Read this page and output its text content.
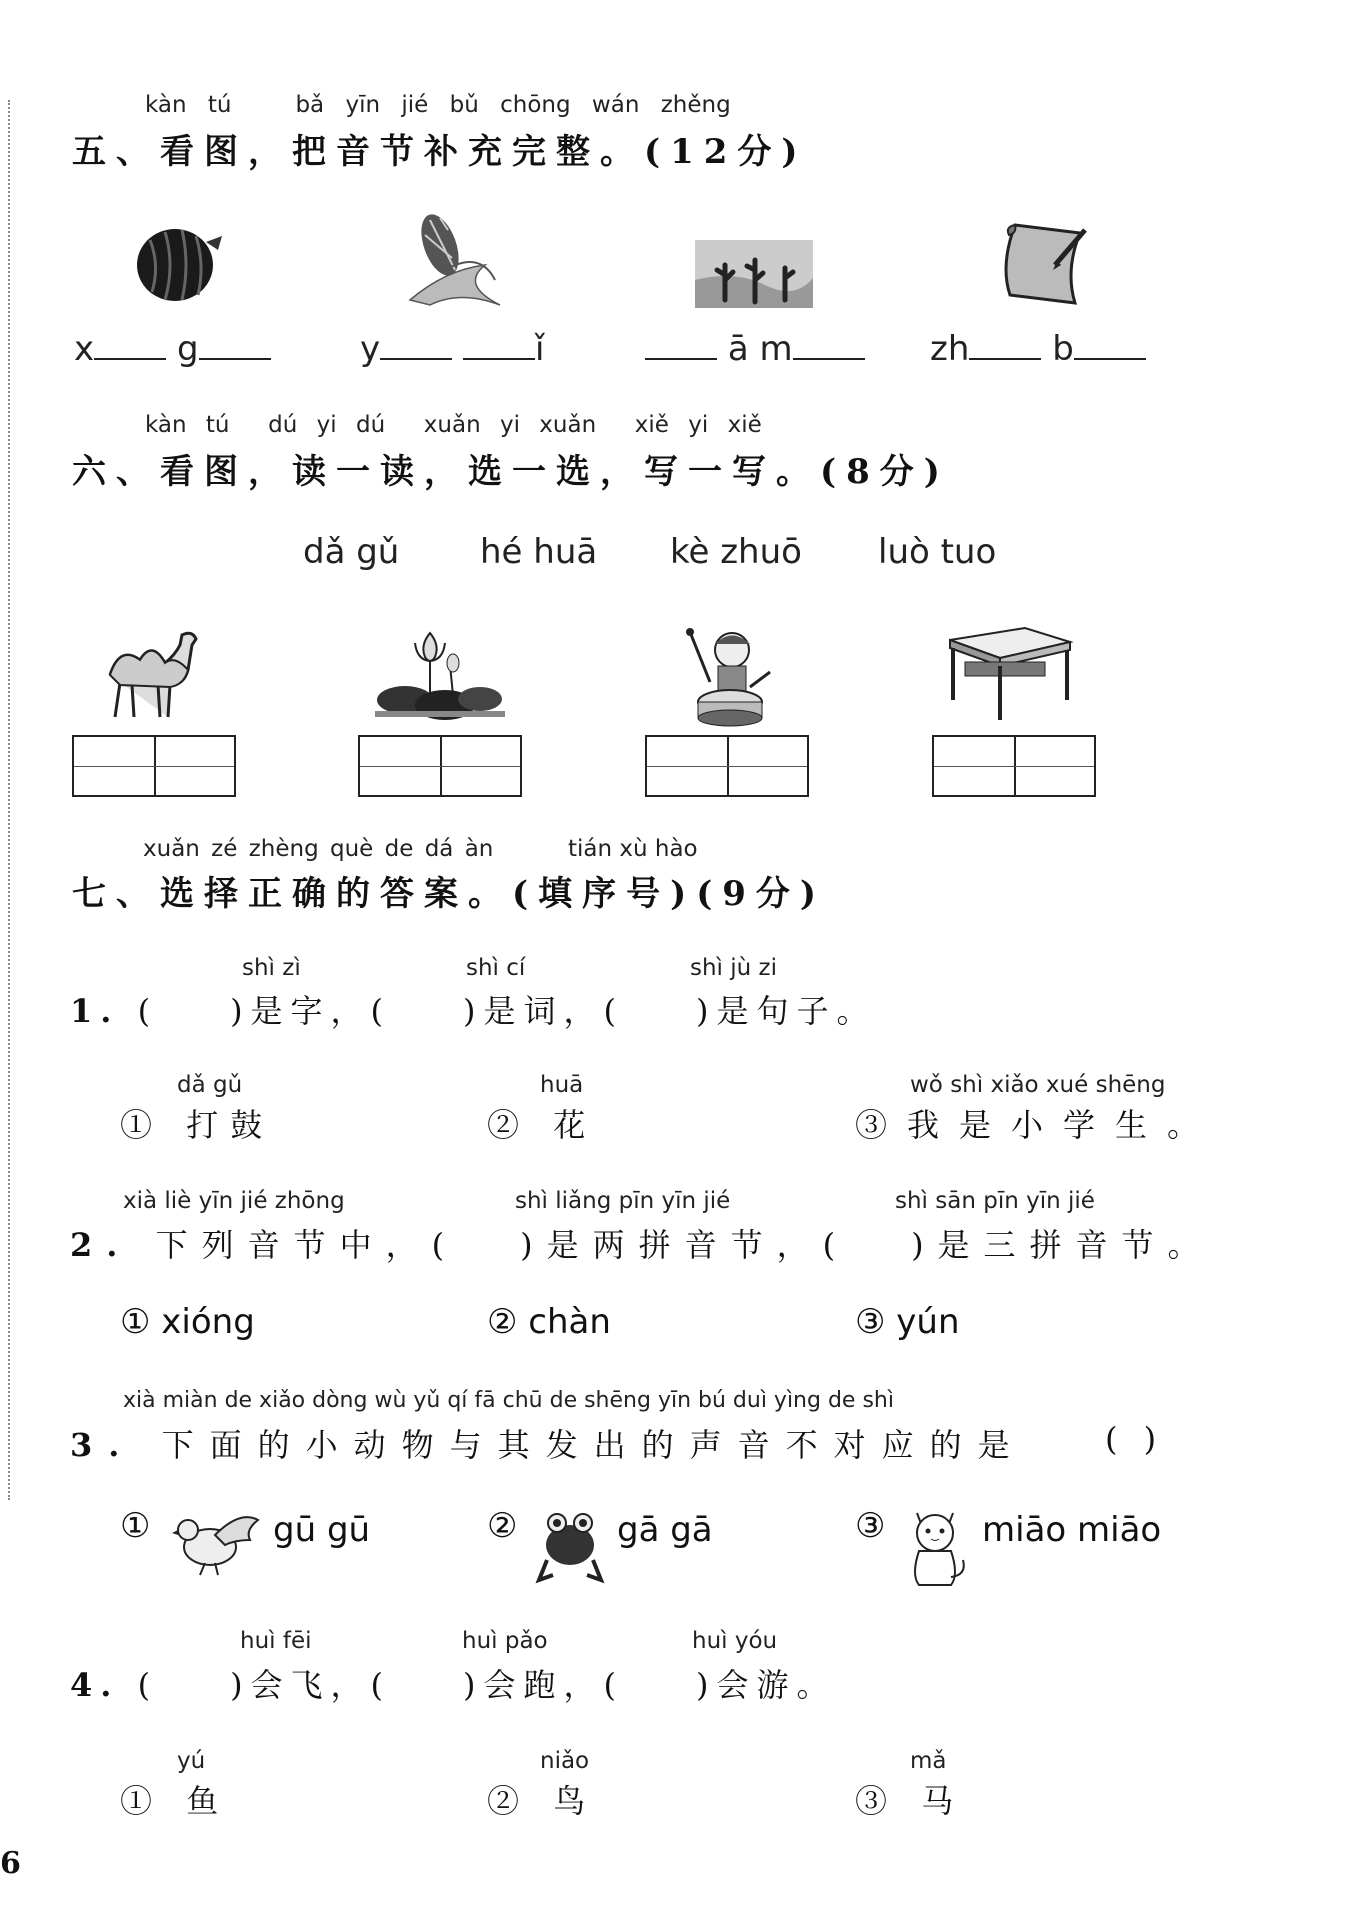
kàn tú	bǎ yīn jié bǔ chōng wán zhěng
五、看图，把音节补充完整。(12分)
x g	y	ǐ	ā m	zh b
kàn tú dú yi dú xuǎn yi xuǎn xiě yi xiě
六、看图，读一读，选一选，写一写。(8分)
dǎ gǔ hé huā kè zhuō luò tuo
xuǎn zé zhèng què de dá àn	tián xù hào
七、选择正确的答案。(填序号)(9分)
shì zì	shì cí	shì jù zi
1. ( )是字，( )是词，( )是句子。
dǎ gǔ	huā	wǒ shì xiǎo xué shēng
① 打鼓	② 花	③我是小学生。
xià liè yīn jié zhōng	shì liǎng pīn yīn jié	shì sān pīn yīn jié
2. 下列音节中，( )是两拼音节，( )是三拼音节。
① xióng	② chàn	③ yún
xià miàn de xiǎo dòng wù yǔ qí fā chū de shēng yīn bú duì yìng de shì
3. 下面的小动物与其发出的声音不对应的是 ( )
①	gū gū	②	gā gā	③	miāo miāo
huì fēi	huì pǎo	huì yóu
4. ( )会飞，( )会跑，( )会游。
yú	niǎo	mǎ
① 鱼	② 鸟	③ 马
6
